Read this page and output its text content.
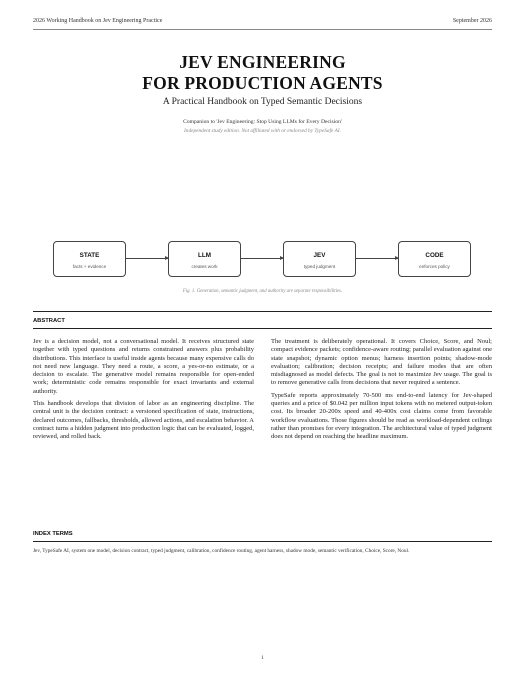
2026 Working Handbook on Jev Engineering Practice	September 2026
JEV ENGINEERING
FOR PRODUCTION AGENTS
A Practical Handbook on Typed Semantic Decisions
Companion to 'Jev Engineering: Stop Using LLMs for Every Decision'
Independent study edition. Not affiliated with or endorsed by TypeSafe AI.
STATE
facts + evidence
LLM
creates work
JEV
typed judgment
CODE
enforces policy
Fig. 1. Generation, semantic judgment, and authority are separate responsibilities.
ABSTRACT

Jev is a decision model, not a conversational model. It receives structured state together with typed questions and returns constrained answers plus probability distributions. This interface is useful inside agents because many expensive calls do not need new language. They need a route, a score, a yes-or-no estimate, or a decision to escalate. The generative model remains responsible for open-ended work; deterministic code remains responsible for exact invariants and external authority.

This handbook develops that division of labor as an engineering discipline. The central unit is the decision contract: a versioned specification of state, instructions, declared outcomes, fallbacks, thresholds, allowed actions, and escalation behavior. A contract turns a hidden judgment into production logic that can be evaluated, logged, reviewed, and rolled back.

The treatment is deliberately operational. It covers Choice, Score, and Noul; compact evidence packets; confidence-aware routing; parallel evaluation against one state snapshot; dynamic option menus; harness insertion points; shadow-mode evaluation; calibration; decision receipts; and failure modes that are often misdiagnosed as model defects. The goal is not to maximize Jev usage. The goal is to remove generative calls from decisions that never required a sentence.

TypeSafe reports approximately 70-500 ms end-to-end latency for Jev-shaped queries and a price of $0.042 per million input tokens with no metered output-token cost. Its broader 20-200x speed and 40-400x cost claims come from favorable workflow evaluations. Those figures should be read as workload-dependent ceilings rather than promises for every integration. The architectural value of typed judgment does not depend on reaching the headline maximum.

INDEX TERMS
Jev, TypeSafe AI, system one model, decision contract, typed judgment, calibration, confidence routing, agent harness, shadow mode, semantic verification, Choice, Score, Noul.
1
